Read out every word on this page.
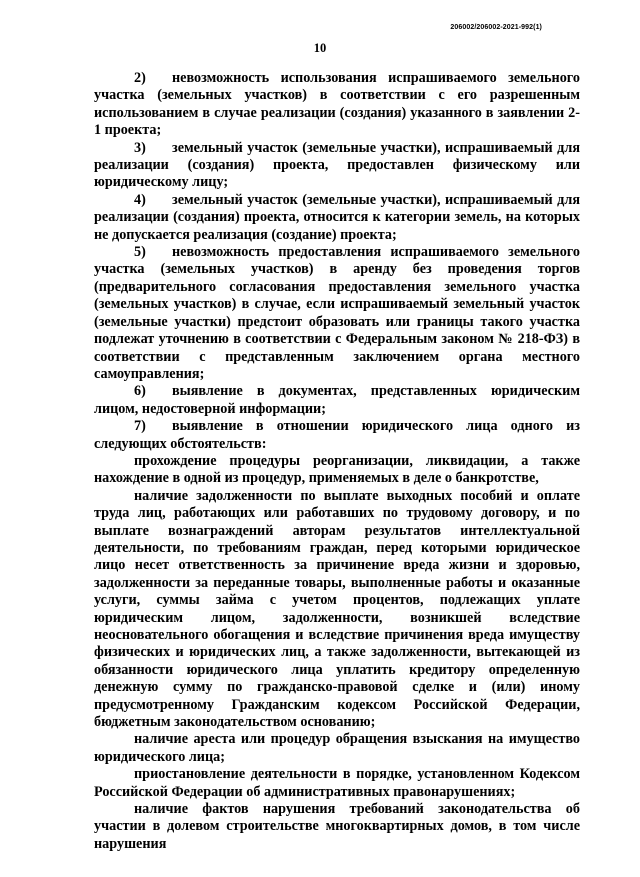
206002/206002-2021-992(1)
10

2) невозможность использования испрашиваемого земельного участка (земельных участков) в соответствии с его разрешенным использованием в случае реализации (создания) указанного в заявлении 2-1 проекта;

3) земельный участок (земельные участки), испрашиваемый для реализации (создания) проекта, предоставлен физическому или юридическому лицу;

4) земельный участок (земельные участки), испрашиваемый для реализации (создания) проекта, относится к категории земель, на которых не допускается реализация (создание) проекта;

5) невозможность предоставления испрашиваемого земельного участка (земельных участков) в аренду без проведения торгов (предварительного согласования предоставления земельного участка (земельных участков) в случае, если испрашиваемый земельный участок (земельные участки) предстоит образовать или границы такого участка подлежат уточнению в соответствии с Федеральным законом № 218-ФЗ) в соответствии с представленным заключением органа местного самоуправления;

6) выявление в документах, представленных юридическим лицом, недостоверной информации;

7) выявление в отношении юридического лица одного из следующих обстоятельств:

прохождение процедуры реорганизации, ликвидации, а также нахождение в одной из процедур, применяемых в деле о банкротстве,

наличие задолженности по выплате выходных пособий и оплате труда лиц, работающих или работавших по трудовому договору, и по выплате вознаграждений авторам результатов интеллектуальной деятельности, по требованиям граждан, перед которыми юридическое лицо несет ответственность за причинение вреда жизни и здоровью, задолженности за переданные товары, выполненные работы и оказанные услуги, суммы займа с учетом процентов, подлежащих уплате юридическим лицом, задолженности, возникшей вследствие неосновательного обогащения и вследствие причинения вреда имуществу физических и юридических лиц, а также задолженности, вытекающей из обязанности юридического лица уплатить кредитору определенную денежную сумму по гражданско-правовой сделке и (или) иному предусмотренному Гражданским кодексом Российской Федерации, бюджетным законодательством основанию;

наличие ареста или процедур обращения взыскания на имущество юридического лица;

приостановление деятельности в порядке, установленном Кодексом Российской Федерации об административных правонарушениях;

наличие фактов нарушения требований законодательства об участии в долевом строительстве многоквартирных домов, в том числе нарушения
